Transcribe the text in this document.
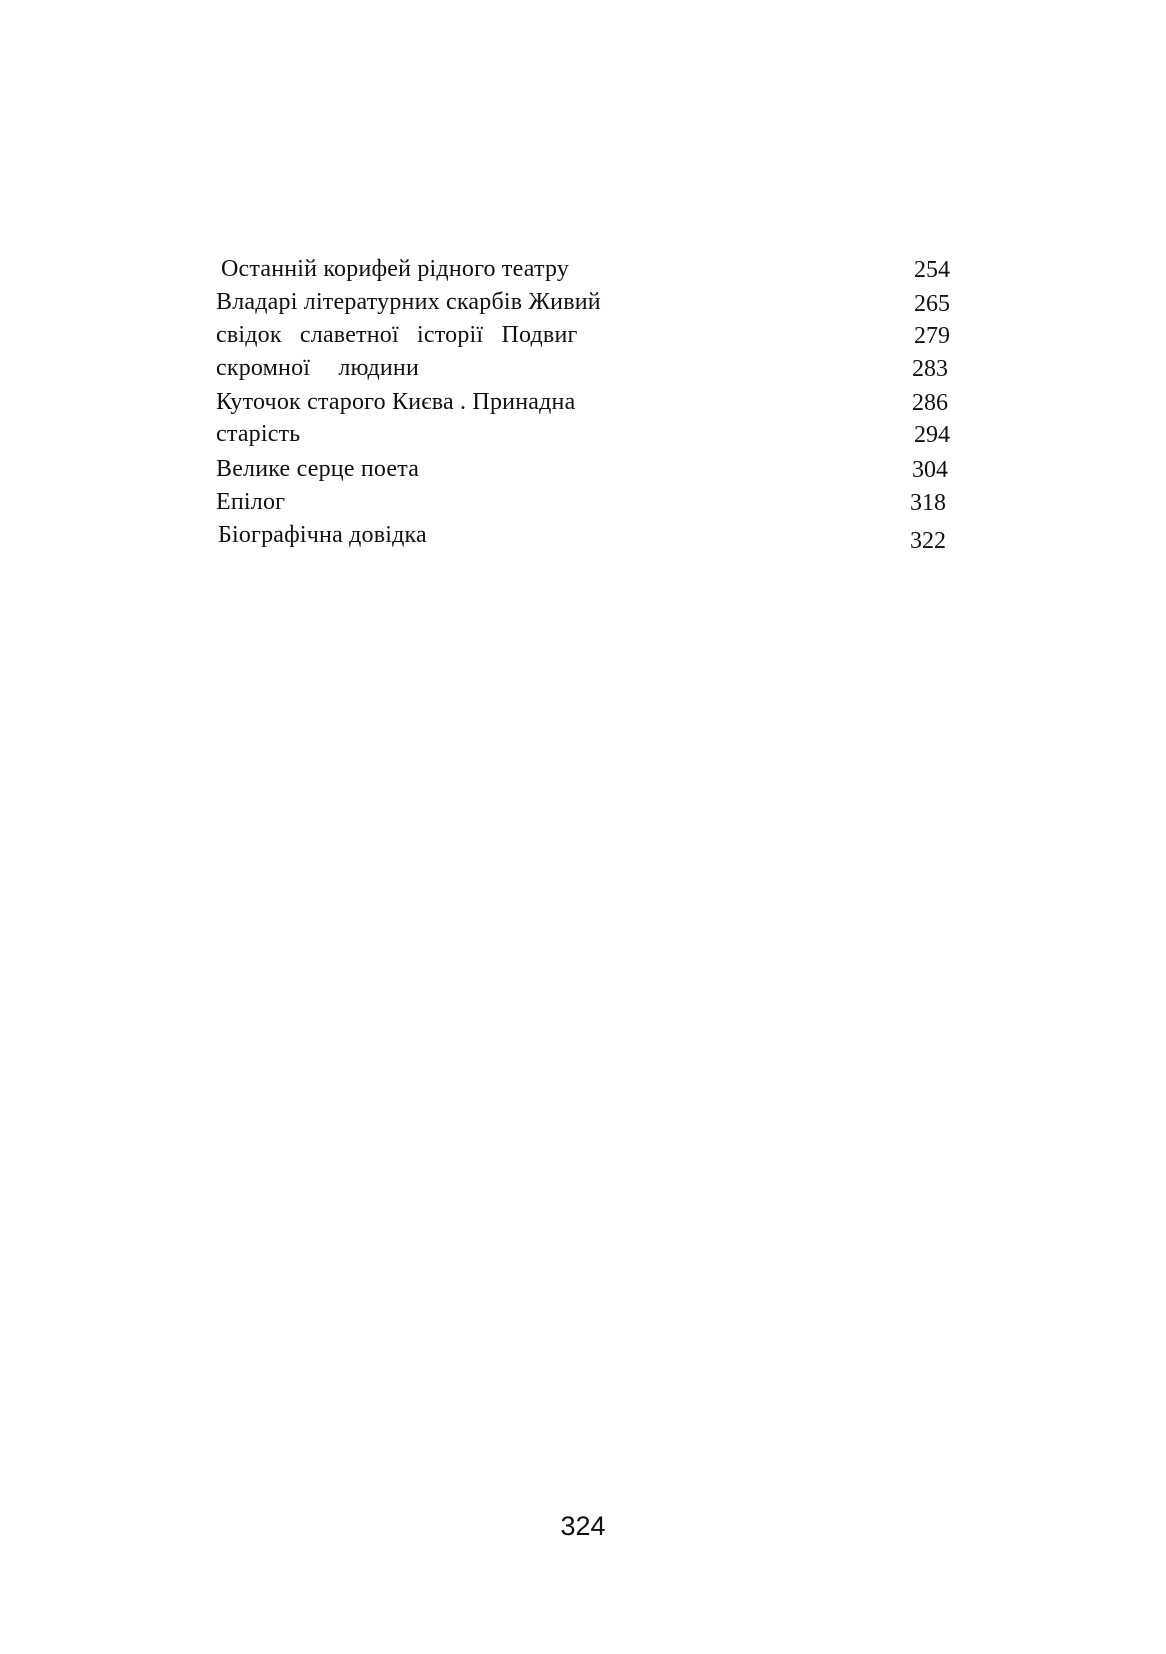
Останній корифей рідного театру	254
Владарі літературних скарбів Живий	265
свідок славетної історії Подвиг	279
скромної людини	283
Куточок старого Києва . Принадна	286
старість	294
Велике серце поета	304
Епілог	318
Біографічна довідка	322
324
